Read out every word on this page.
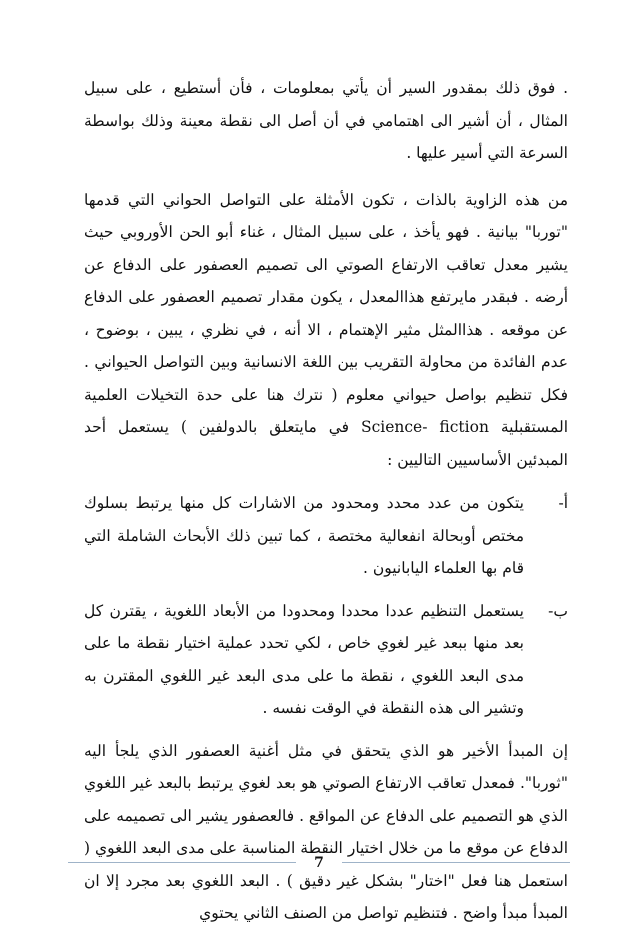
. فوق ذلك بمقدور السير أن يأتي بمعلومات ، فأن أستطيع ، على سبيل المثال ، أن أشير الى اهتمامي في أن أصل الى نقطة معينة وذلك بواسطة السرعة التي أسير عليها .

من هذه الزاوية بالذات ، تكون الأمثلة على التواصل الحواني التي قدمها "توربا" بيانية . فهو يأخذ ، على سبيل المثال ، غناء أبو الحن الأوروبي حيث يشير معدل تعاقب الارتفاع الصوتي الى تصميم العصفور على الدفاع عن أرضه . فبقدر مايرتفع هذاالمعدل ، يكون مقدار تصميم العصفور على الدفاع عن موقعه . هذاالمثل مثير الإهتمام ، الا أنه ، في نظري ، يبين ، بوضوح ، عدم الفائدة من محاولة التقريب بين اللغة الانسانية وبين التواصل الحيواني . فكل تنظيم بواصل حيواني معلوم ( نترك هنا على حدة التخيلات العلمية المستقبلية Science- fiction في مايتعلق بالدولفين ) يستعمل أحد المبدئين الأساسيين التاليين :

أ-
يتكون من عدد محدد ومحدود من الاشارات كل منها يرتبط بسلوك مختص أوبحالة انفعالية مختصة ، كما تبين ذلك الأبحاث الشاملة التي قام بها العلماء اليابانيون .
ب-
يستعمل التنظيم عددا محددا ومحدودا من الأبعاد اللغوية ، يقترن كل بعد منها ببعد غير لغوي خاص ، لكي تحدد عملية اختيار نقطة ما على مدى البعد اللغوي ، نقطة ما على مدى البعد غير اللغوي المقترن به وتشير الى هذه النقطة في الوقت نفسه .

إن المبدأ الأخير هو الذي يتحقق في مثل أغنية العصفور الذي يلجأ اليه "ثوربا". فمعدل تعاقب الارتفاع الصوتي هو بعد لغوي يرتبط بالبعد غير اللغوي الذي هو التصميم على الدفاع عن المواقع . فالعصفور يشير الى تصميمه على الدفاع عن موقع ما من خلال اختيار النقطة المناسبة على مدى البعد اللغوي ( استعمل هنا فعل "اختار" بشكل غير دقيق ) . البعد اللغوي بعد مجرد إلا ان المبدأ مبدأ واضح . فتنظيم تواصل من الصنف الثاني يحتوي

7
